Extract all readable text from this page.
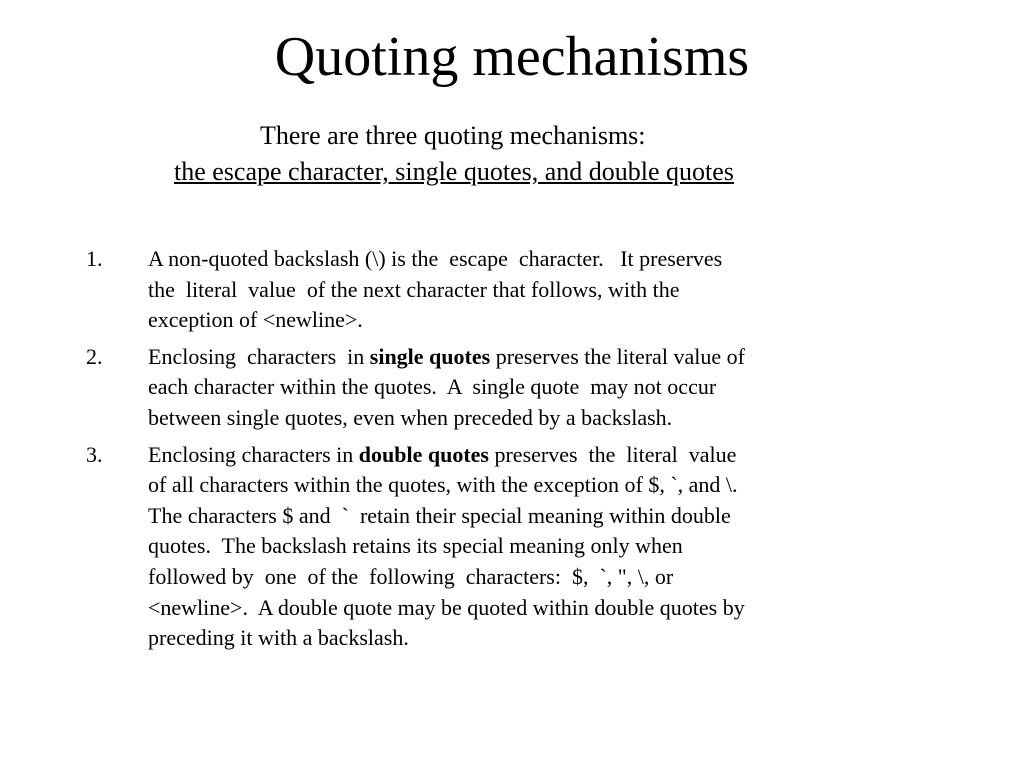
Quoting mechanisms
There are three quoting mechanisms:
the escape character, single quotes, and double quotes
1.	A non-quoted backslash (\) is the  escape  character.   It preserves
the  literal  value  of the next character that follows, with the
exception of <newline>.
2.	Enclosing  characters  in single quotes preserves the literal value of
each character within the quotes.  A  single quote  may not occur
between single quotes, even when preceded by a backslash.
3.	Enclosing characters in double quotes preserves  the  literal  value
of all characters within the quotes, with the exception of $, `, and \.
The characters $ and  `  retain their special meaning within double
quotes.  The backslash retains its special meaning only when
followed by  one  of the  following  characters:  $,  `, ", \, or
<newline>.  A double quote may be quoted within double quotes by
preceding it with a backslash.
